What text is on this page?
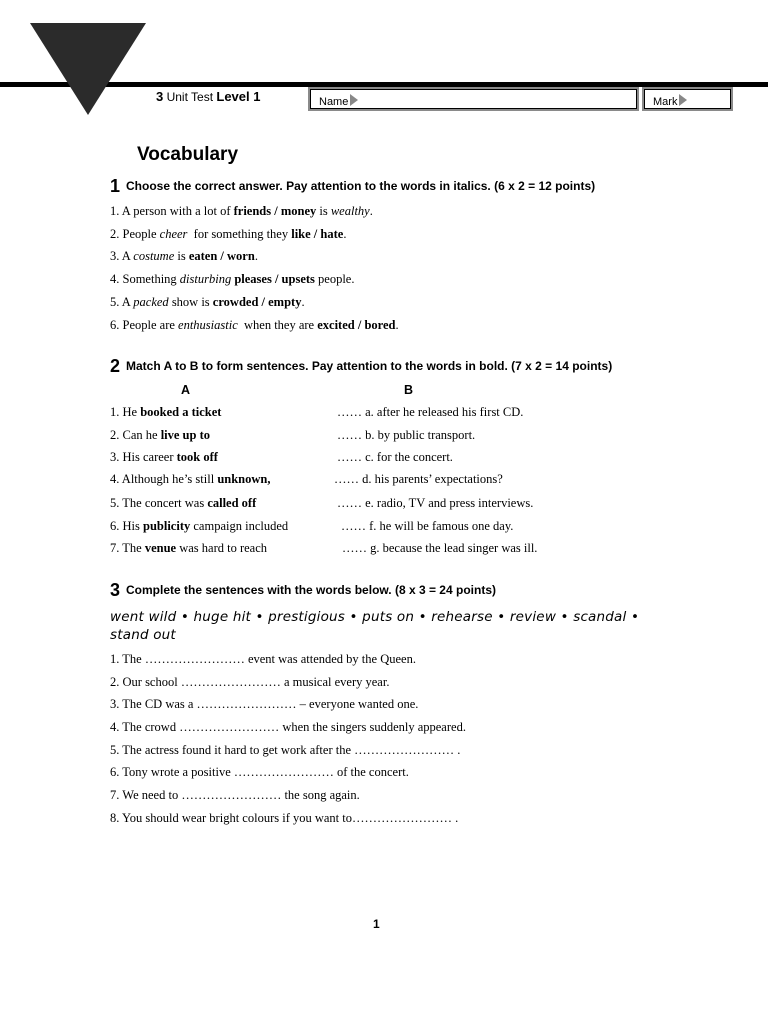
3 Unit Test Level 1	Name	Mark
Vocabulary
1 Choose the correct answer. Pay attention to the words in italics. (6 x 2 = 12 points)
1. A person with a lot of friends / money is wealthy.
2. People cheer  for something they like / hate.
3. A costume is eaten / worn.
4. Something disturbing pleases / upsets people.
5. A packed show is crowded / empty.
6. People are enthusiastic  when they are excited / bored.
2 Match A to B to form sentences. Pay attention to the words in bold. (7 x 2 = 14 points)
A	B
1. He booked a ticket	…… a. after he released his first CD.
2. Can he live up to	…… b. by public transport.
3. His career took off	…… c. for the concert.
4. Although he’s still unknown,	…… d. his parents’ expectations?
5. The concert was called off	…… e. radio, TV and press interviews.
6. His publicity campaign included	…… f. he will be famous one day.
7. The venue was hard to reach	…… g. because the lead singer was ill.
3 Complete the sentences with the words below. (8 x 3 = 24 points)
went wild • huge hit • prestigious • puts on • rehearse • review • scandal • stand out
1. The …………………… event was attended by the Queen.
2. Our school …………………… a musical every year.
3. The CD was a …………………… – everyone wanted one.
4. The crowd …………………… when the singers suddenly appeared.
5. The actress found it hard to get work after the …………………… .
6. Tony wrote a positive …………………… of the concert.
7. We need to …………………… the song again.
8. You should wear bright colours if you want to…………………… .
1
